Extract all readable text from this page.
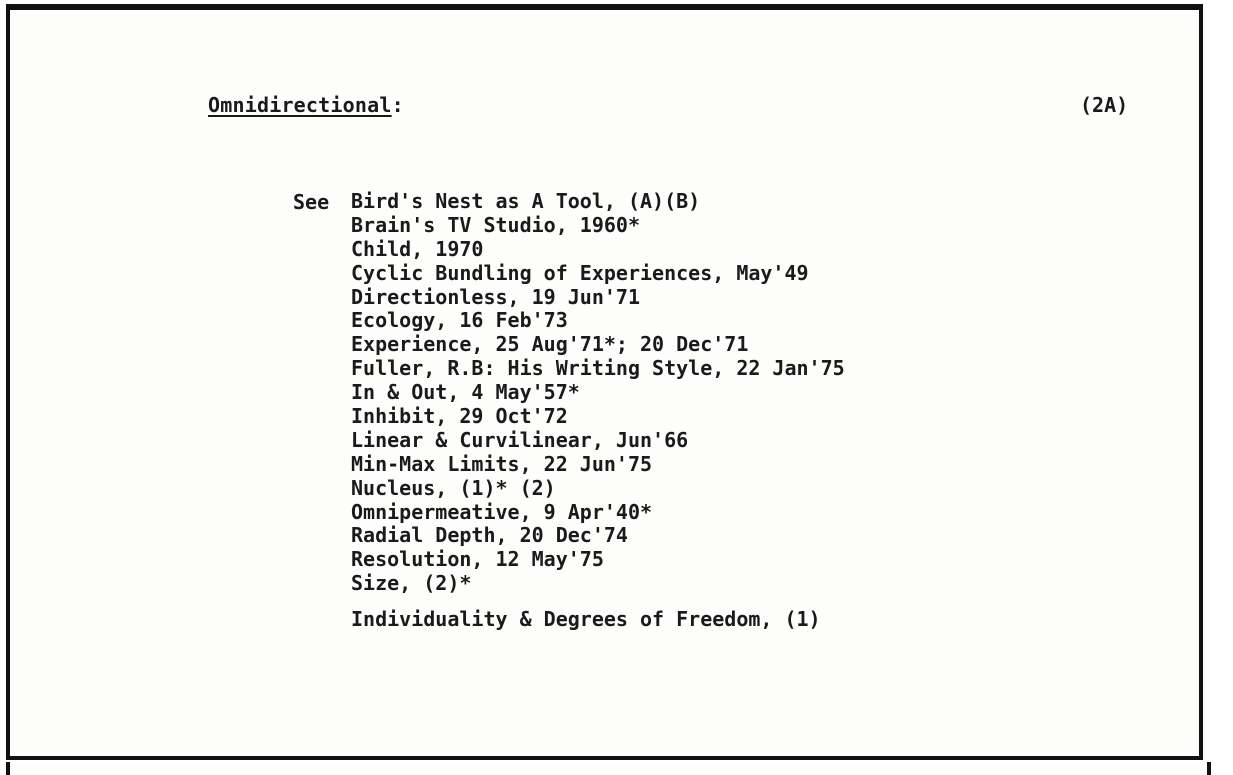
Omnidirectional:	(2A)
See Bird's Nest as A Tool, (A)(B)
Brain's TV Studio, 1960*
Child, 1970
Cyclic Bundling of Experiences, May'49
Directionless, 19 Jun'71
Ecology, 16 Feb'73
Experience, 25 Aug'71*; 20 Dec'71
Fuller, R.B: His Writing Style, 22 Jan'75
In & Out, 4 May'57*
Inhibit, 29 Oct'72
Linear & Curvilinear, Jun'66
Min-Max Limits, 22 Jun'75
Nucleus, (1)* (2)
Omnipermeative, 9 Apr'40*
Radial Depth, 20 Dec'74
Resolution, 12 May'75
Size, (2)*
Individuality & Degrees of Freedom, (1)
